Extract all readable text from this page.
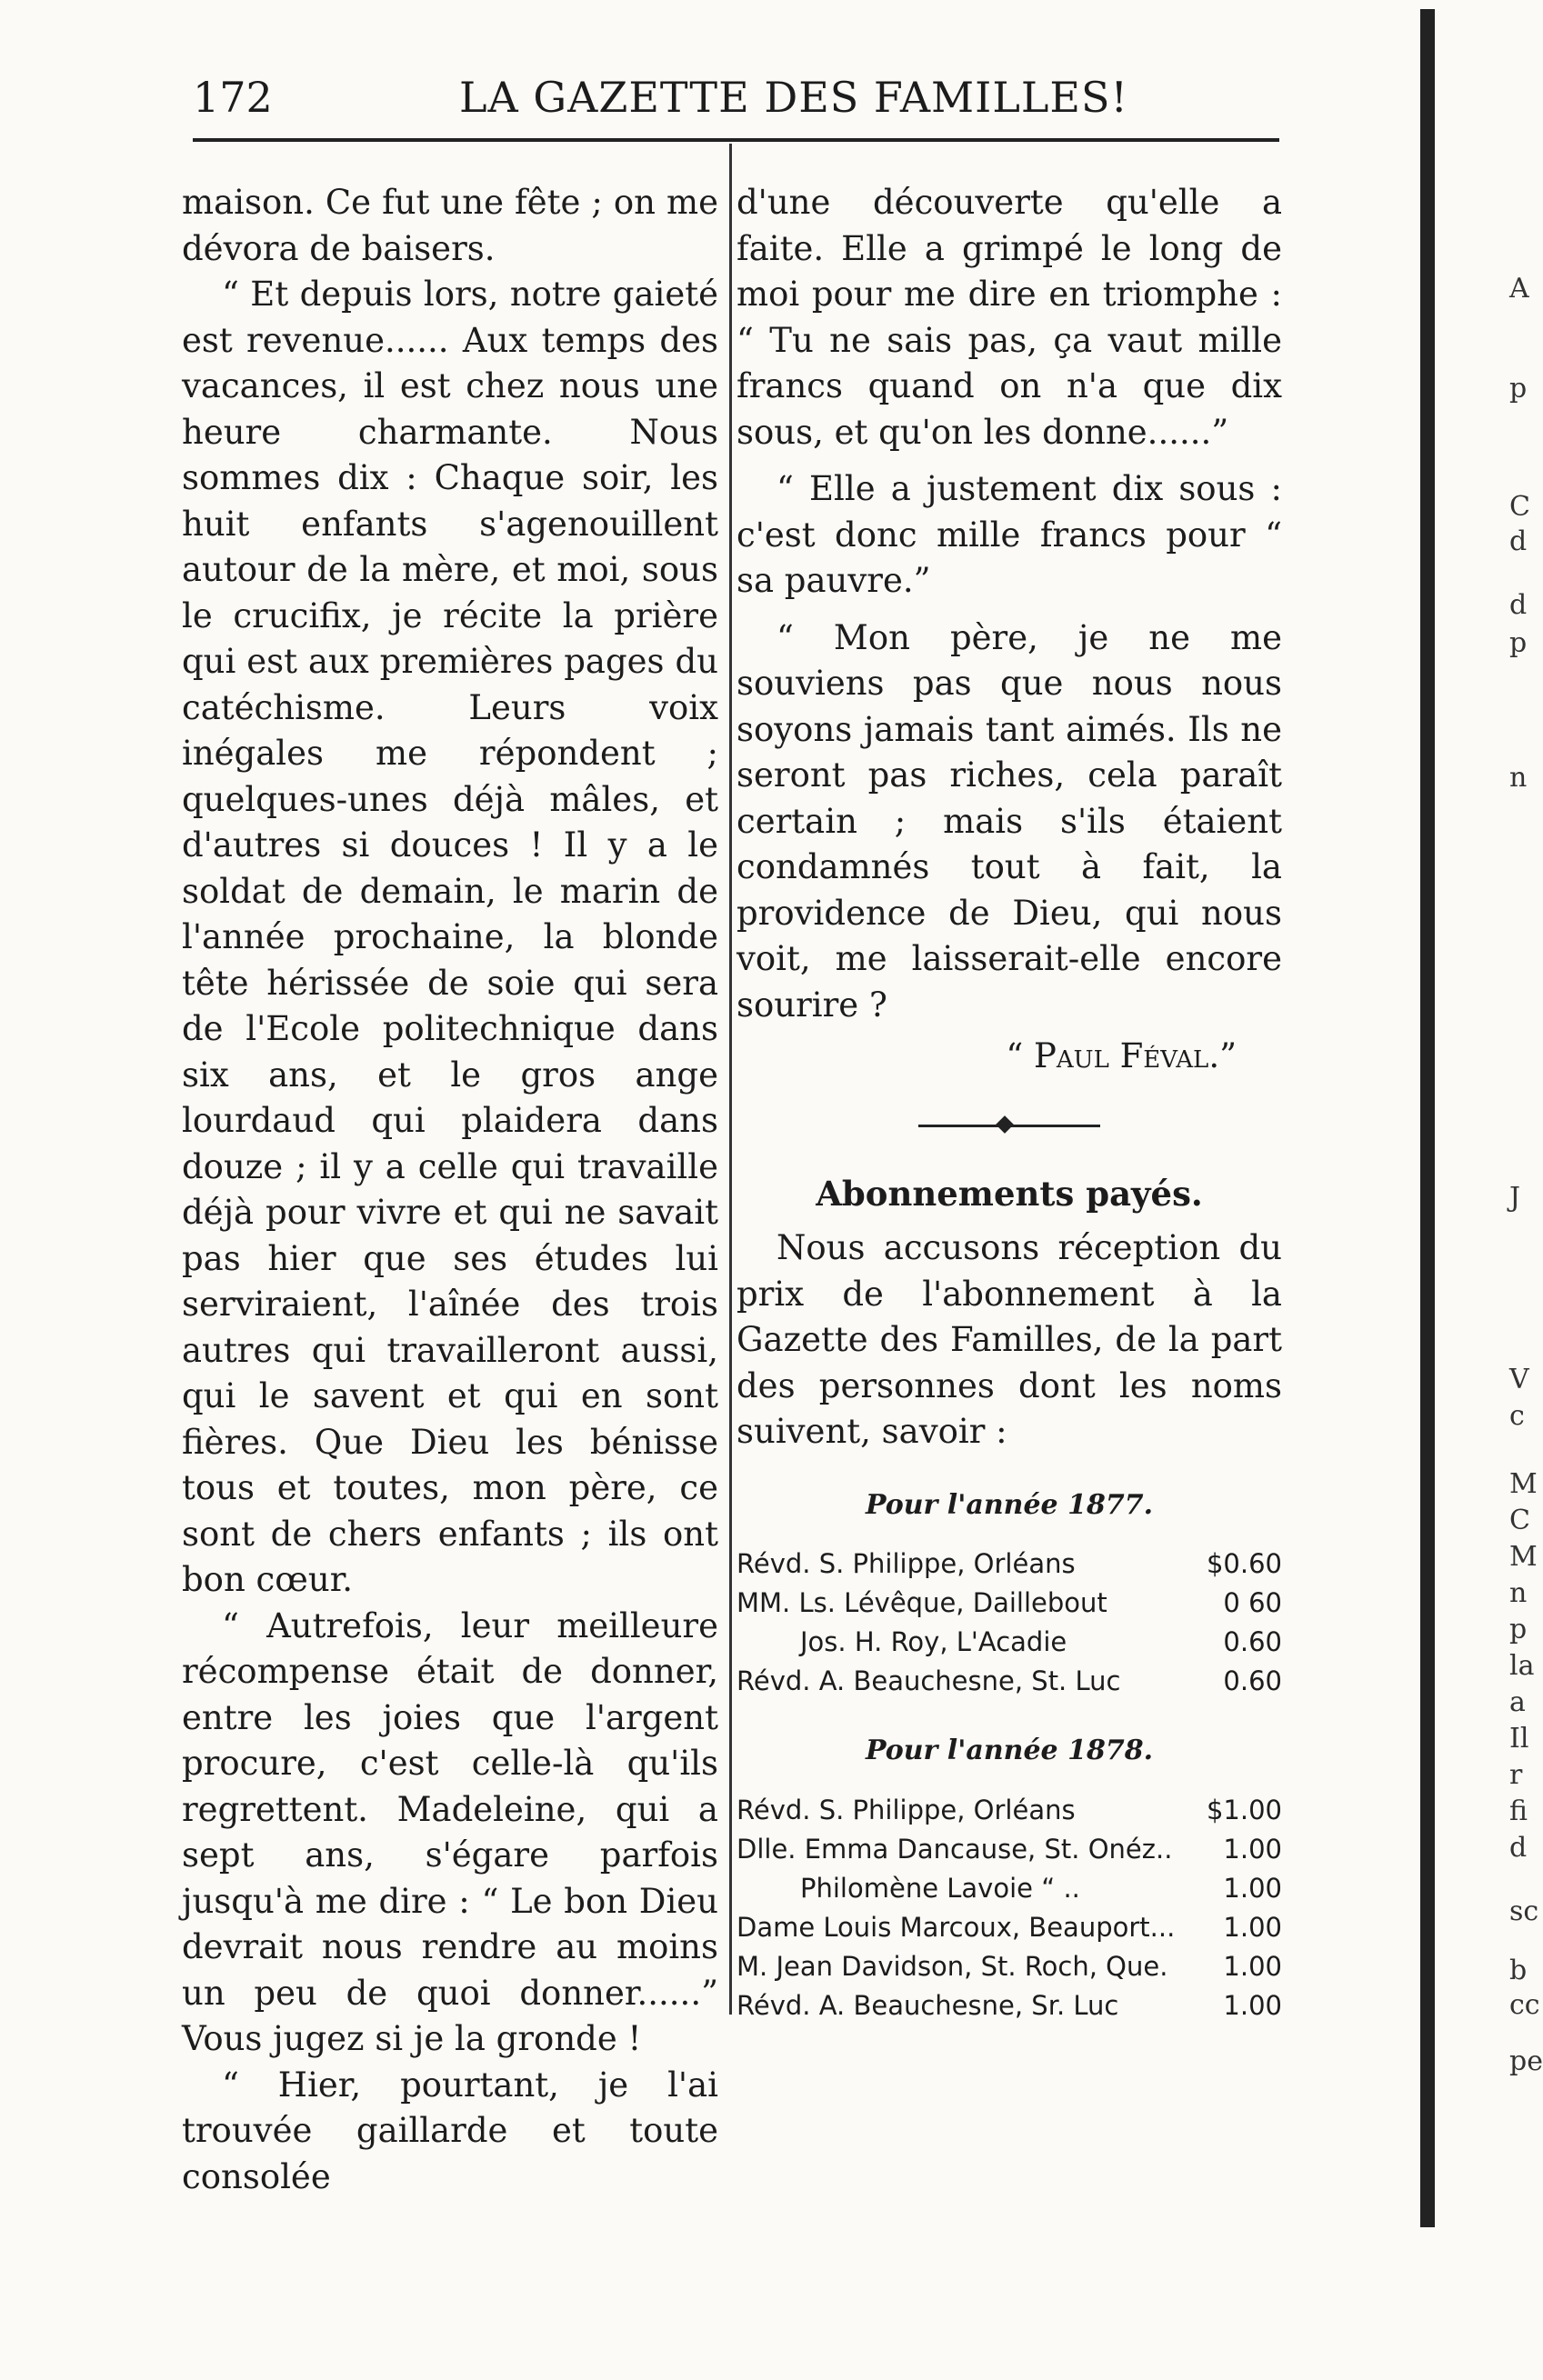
172	LA GAZETTE DES FAMILLES!

maison. Ce fut une fête ; on me dévora de baisers.

“ Et depuis lors, notre gaieté est revenue...... Aux temps des vacances, il est chez nous une heure charmante. Nous sommes dix : Chaque soir, les huit enfants s'agenouillent autour de la mère, et moi, sous le crucifix, je récite la prière qui est aux premières pages du catéchisme. Leurs voix inégales me répondent ; quelques-unes déjà mâles, et d'autres si douces ! Il y a le soldat de demain, le marin de l'année prochaine, la blonde tête hérissée de soie qui sera de l'Ecole politechnique dans six ans, et le gros ange lourdaud qui plaidera dans douze ; il y a celle qui travaille déjà pour vivre et qui ne savait pas hier que ses études lui serviraient, l'aînée des trois autres qui travailleront aussi, qui le savent et qui en sont fières. Que Dieu les bénisse tous et toutes, mon père, ce sont de chers enfants ; ils ont bon cœur.

“ Autrefois, leur meilleure récompense était de donner, entre les joies que l'argent procure, c'est celle-là qu'ils regrettent. Madeleine, qui a sept ans, s'égare parfois jusqu'à me dire : “ Le bon Dieu devrait nous rendre au moins un peu de quoi donner......” Vous jugez si je la gronde !

“ Hier, pourtant, je l'ai trouvée gaillarde et toute consolée

d'une découverte qu'elle a faite. Elle a grimpé le long de moi pour me dire en triomphe : “ Tu ne sais pas, ça vaut mille francs quand on n'a que dix sous, et qu'on les donne......”

“ Elle a justement dix sous : c'est donc mille francs pour “ sa pauvre.”

“ Mon père, je ne me souviens pas que nous nous soyons jamais tant aimés. Ils ne seront pas riches, cela paraît certain ; mais s'ils étaient condamnés tout à fait, la providence de Dieu, qui nous voit, me laisserait-elle encore sourire ?

“ Paul Féval.”

Abonnements payés.

Nous accusons réception du prix de l'abonnement à la Gazette des Familles, de la part des personnes dont les noms suivent, savoir :

Pour l'année 1877.

Révd. S. Philippe, Orléans	$0.60
MM. Ls. Lévêque, Daillebout	0 60
Jos. H. Roy, L'Acadie	0.60
Révd. A. Beauchesne, St. Luc	0.60

Pour l'année 1878.

Révd. S. Philippe, Orléans	$1.00
Dlle. Emma Dancause, St. Onéz..	1.00
Philomène Lavoie “ ..	1.00
Dame Louis Marcoux, Beauport...	1.00
M. Jean Davidson, St. Roch, Que.	1.00
Révd. A. Beauchesne, Sr. Luc	1.00
A
p
C
d
d
p
n
J
V
c
M
C
M
n
p
la
a
Il
r
fi
d
sc
b
cc
pe
